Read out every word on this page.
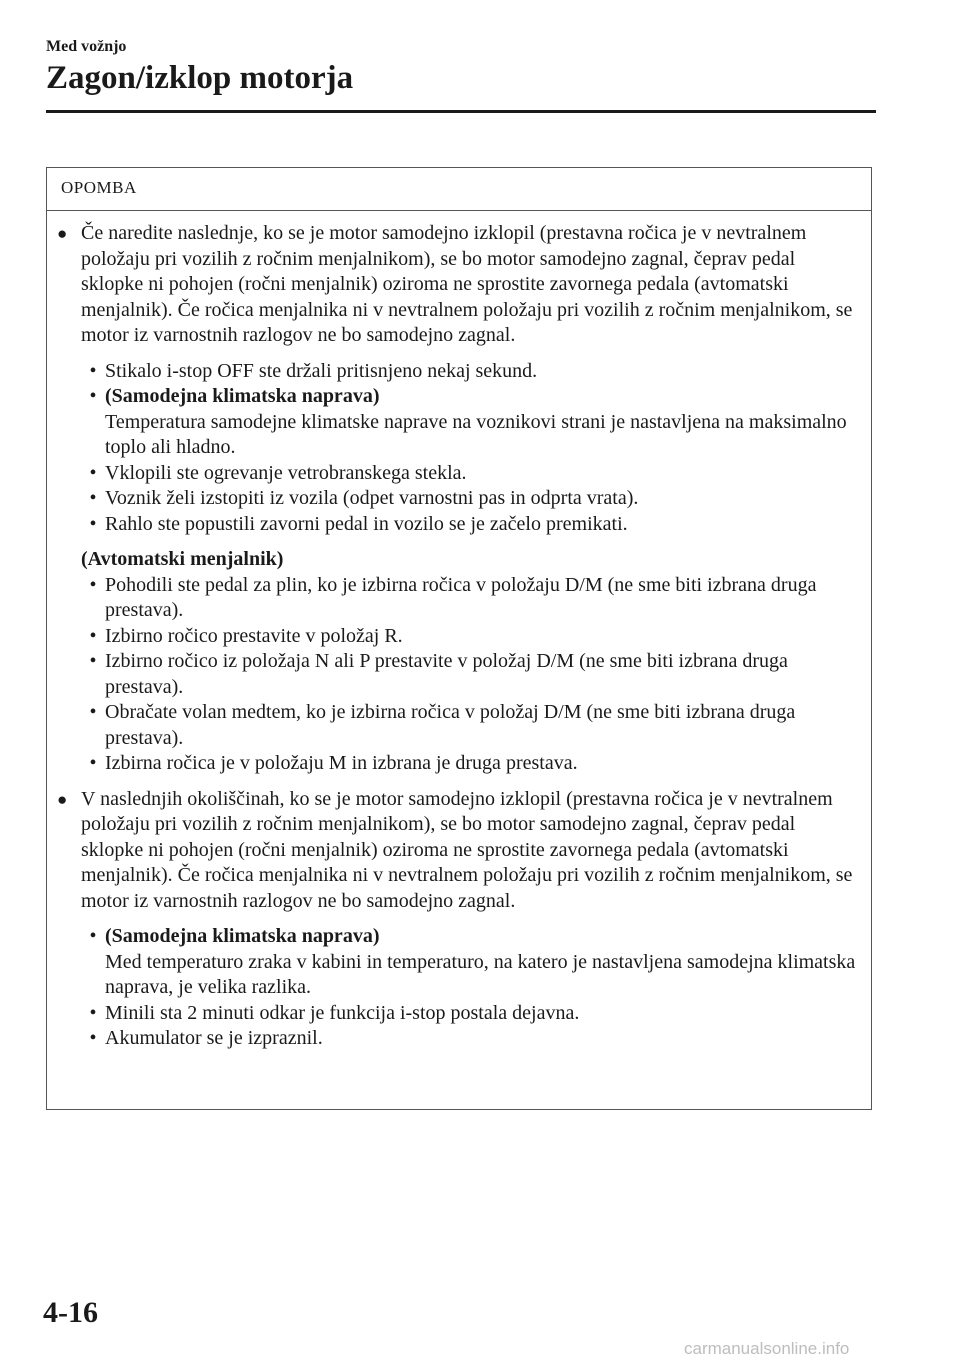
Med vožnjo
Zagon/izklop motorja
OPOMBA
● Če naredite naslednje, ko se je motor samodejno izklopil (prestavna ročica je v nevtralnem položaju pri vozilih z ročnim menjalnikom), se bo motor samodejno zagnal, čeprav pedal sklopke ni pohojen (ročni menjalnik) oziroma ne sprostite zavornega pedala (avtomatski menjalnik). Če ročica menjalnika ni v nevtralnem položaju pri vozilih z ročnim menjalnikom, se motor iz varnostnih razlogov ne bo samodejno zagnal.
• Stikalo i-stop OFF ste držali pritisnjeno nekaj sekund.
• (Samodejna klimatska naprava)
Temperatura samodejne klimatske naprave na voznikovi strani je nastavljena na maksimalno toplo ali hladno.
• Vklopili ste ogrevanje vetrobranskega stekla.
• Voznik želi izstopiti iz vozila (odpet varnostni pas in odprta vrata).
• Rahlo ste popustili zavorni pedal in vozilo se je začelo premikati.
(Avtomatski menjalnik)
• Pohodili ste pedal za plin, ko je izbirna ročica v položaju D/M (ne sme biti izbrana druga prestava).
• Izbirno ročico prestavite v položaj R.
• Izbirno ročico iz položaja N ali P prestavite v položaj D/M (ne sme biti izbrana druga prestava).
• Obračate volan medtem, ko je izbirna ročica v položaj D/M (ne sme biti izbrana druga prestava).
• Izbirna ročica je v položaju M in izbrana je druga prestava.
● V naslednjih okoliščinah, ko se je motor samodejno izklopil (prestavna ročica je v nevtralnem položaju pri vozilih z ročnim menjalnikom), se bo motor samodejno zagnal, čeprav pedal sklopke ni pohojen (ročni menjalnik) oziroma ne sprostite zavornega pedala (avtomatski menjalnik). Če ročica menjalnika ni v nevtralnem položaju pri vozilih z ročnim menjalnikom, se motor iz varnostnih razlogov ne bo samodejno zagnal.
• (Samodejna klimatska naprava)
Med temperaturo zraka v kabini in temperaturo, na katero je nastavljena samodejna klimatska naprava, je velika razlika.
• Minili sta 2 minuti odkar je funkcija i-stop postala dejavna.
• Akumulator se je izpraznil.
4-16
carmanualsonline.info
